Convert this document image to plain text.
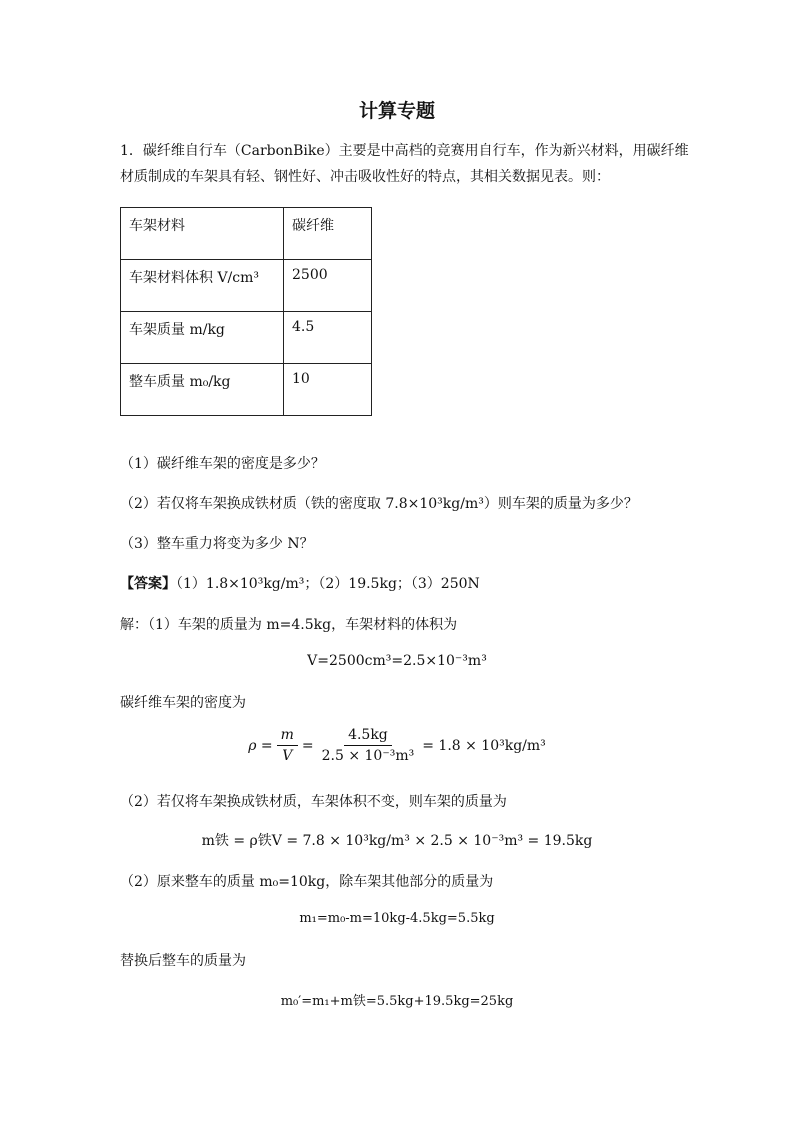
计算专题
1．碳纤维自行车（CarbonBike）主要是中高档的竞赛用自行车，作为新兴材料，用碳纤维
材质制成的车架具有轻、钢性好、冲击吸收性好的特点，其相关数据见表。则：
车架材料	碳纤维
车架材料体积 V/cm³	2500
车架质量 m/kg	4.5
整车质量 m₀/kg	10
（1）碳纤维车架的密度是多少？
（2）若仅将车架换成铁材质（铁的密度取 7.8×10³kg/m³）则车架的质量为多少？
（3）整车重力将变为多少 N？
【答案】（1）1.8×10³kg/m³；（2）19.5kg；（3）250N
解：（1）车架的质量为 m=4.5kg，车架材料的体积为
V=2500cm³=2.5×10⁻³m³
碳纤维车架的密度为
$\rho = \frac{m}{V} = \frac{4.5kg}{\text{2.5 × 10⁻³m³}} = 1.8 \times 10^3kg/m^3$
（2）若仅将车架换成铁材质，车架体积不变，则车架的质量为
m铁 = ρ铁V = 7.8 × 10³kg/m³ × 2.5 × 10⁻³m³ = 19.5kg
（2）原来整车的质量 m₀=10kg，除车架其他部分的质量为
m₁=m₀-m=10kg-4.5kg=5.5kg
替换后整车的质量为
m₀′=m₁+m铁=5.5kg+19.5kg=25kg
